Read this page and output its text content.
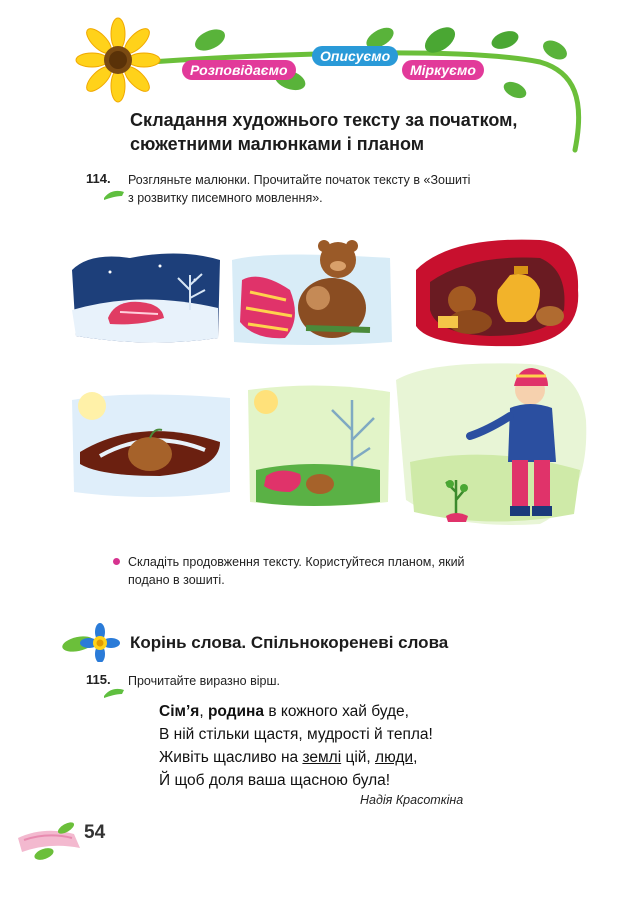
Розповідаємо
Описуємо
Міркуємо
Складання художнього тексту за початком,
сюжетними малюнками і планом
114. Розгляньте малюнки. Прочитайте початок тексту в «Зошиті
з розвитку писемного мовлення».
Складіть продовження тексту. Користуйтеся планом, який
подано в зошиті.
Корінь слова. Спільнокореневі слова
115. Прочитайте виразно вірш.
Сім’я, родина в кожного хай буде,
В ній стільки щастя, мудрості й тепла!
Живіть щасливо на землі цій, люди,
Й щоб доля ваша щасною була!
Надія Красоткіна
54
